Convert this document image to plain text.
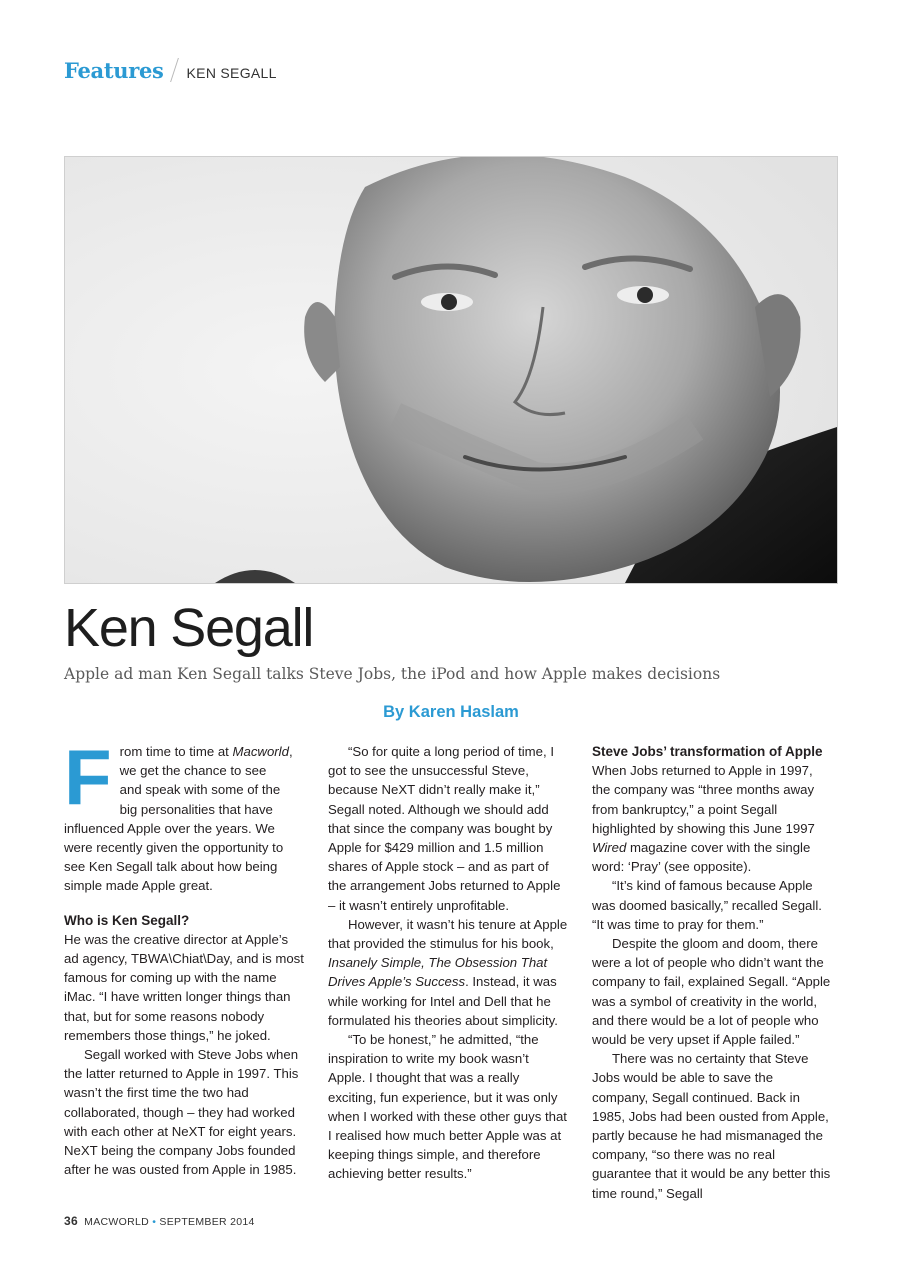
Features KEN SEGALL
Ken Segall

Apple ad man Ken Segall talks Steve Jobs, the iPod and how Apple makes decisions

By Karen Haslam

F rom time to time at Macworld,
we get the chance to see
and speak with some of the
big personalities that have

influenced Apple over the years. We were recently given the opportunity to see Ken Segall talk about how being simple made Apple great.

Who is Ken Segall?

He was the creative director at Apple’s ad agency, TBWA\Chiat\Day, and is most famous for coming up with the name iMac. “I have written longer things than that, but for some reasons nobody remembers those things,” he joked.

Segall worked with Steve Jobs when the latter returned to Apple in 1997. This wasn’t the first time the two had collaborated, though – they had worked with each other at NeXT for eight years. NeXT being the company Jobs founded after he was ousted from Apple in 1985.

“So for quite a long period of time, I got to see the unsuccessful Steve, because NeXT didn’t really make it,” Segall noted. Although we should add that since the company was bought by Apple for $429 million and 1.5 million shares of Apple stock – and as part of the arrangement Jobs returned to Apple – it wasn’t entirely unprofitable.

However, it wasn’t his tenure at Apple that provided the stimulus for his book, Insanely Simple, The Obsession That Drives Apple’s Success. Instead, it was while working for Intel and Dell that he formulated his theories about simplicity.

“To be honest,” he admitted, “the inspiration to write my book wasn’t Apple. I thought that was a really exciting, fun experience, but it was only when I worked with these other guys that I realised how much better Apple was at keeping things simple, and therefore achieving better results.”

Steve Jobs’ transformation of Apple

When Jobs returned to Apple in 1997, the company was “three months away from bankruptcy,” a point Segall highlighted by showing this June 1997 Wired magazine cover with the single word: ‘Pray’ (see opposite).

“It’s kind of famous because Apple was doomed basically,” recalled Segall. “It was time to pray for them.”

Despite the gloom and doom, there were a lot of people who didn’t want the company to fail, explained Segall. “Apple was a symbol of creativity in the world, and there would be a lot of people who would be very upset if Apple failed.”

There was no certainty that Steve Jobs would be able to save the company, Segall continued. Back in 1985, Jobs had been ousted from Apple, partly because he had mismanaged the company, “so there was no real guarantee that it would be any better this time round,” Segall

36 MACWORLD • SEPTEMBER 2014
